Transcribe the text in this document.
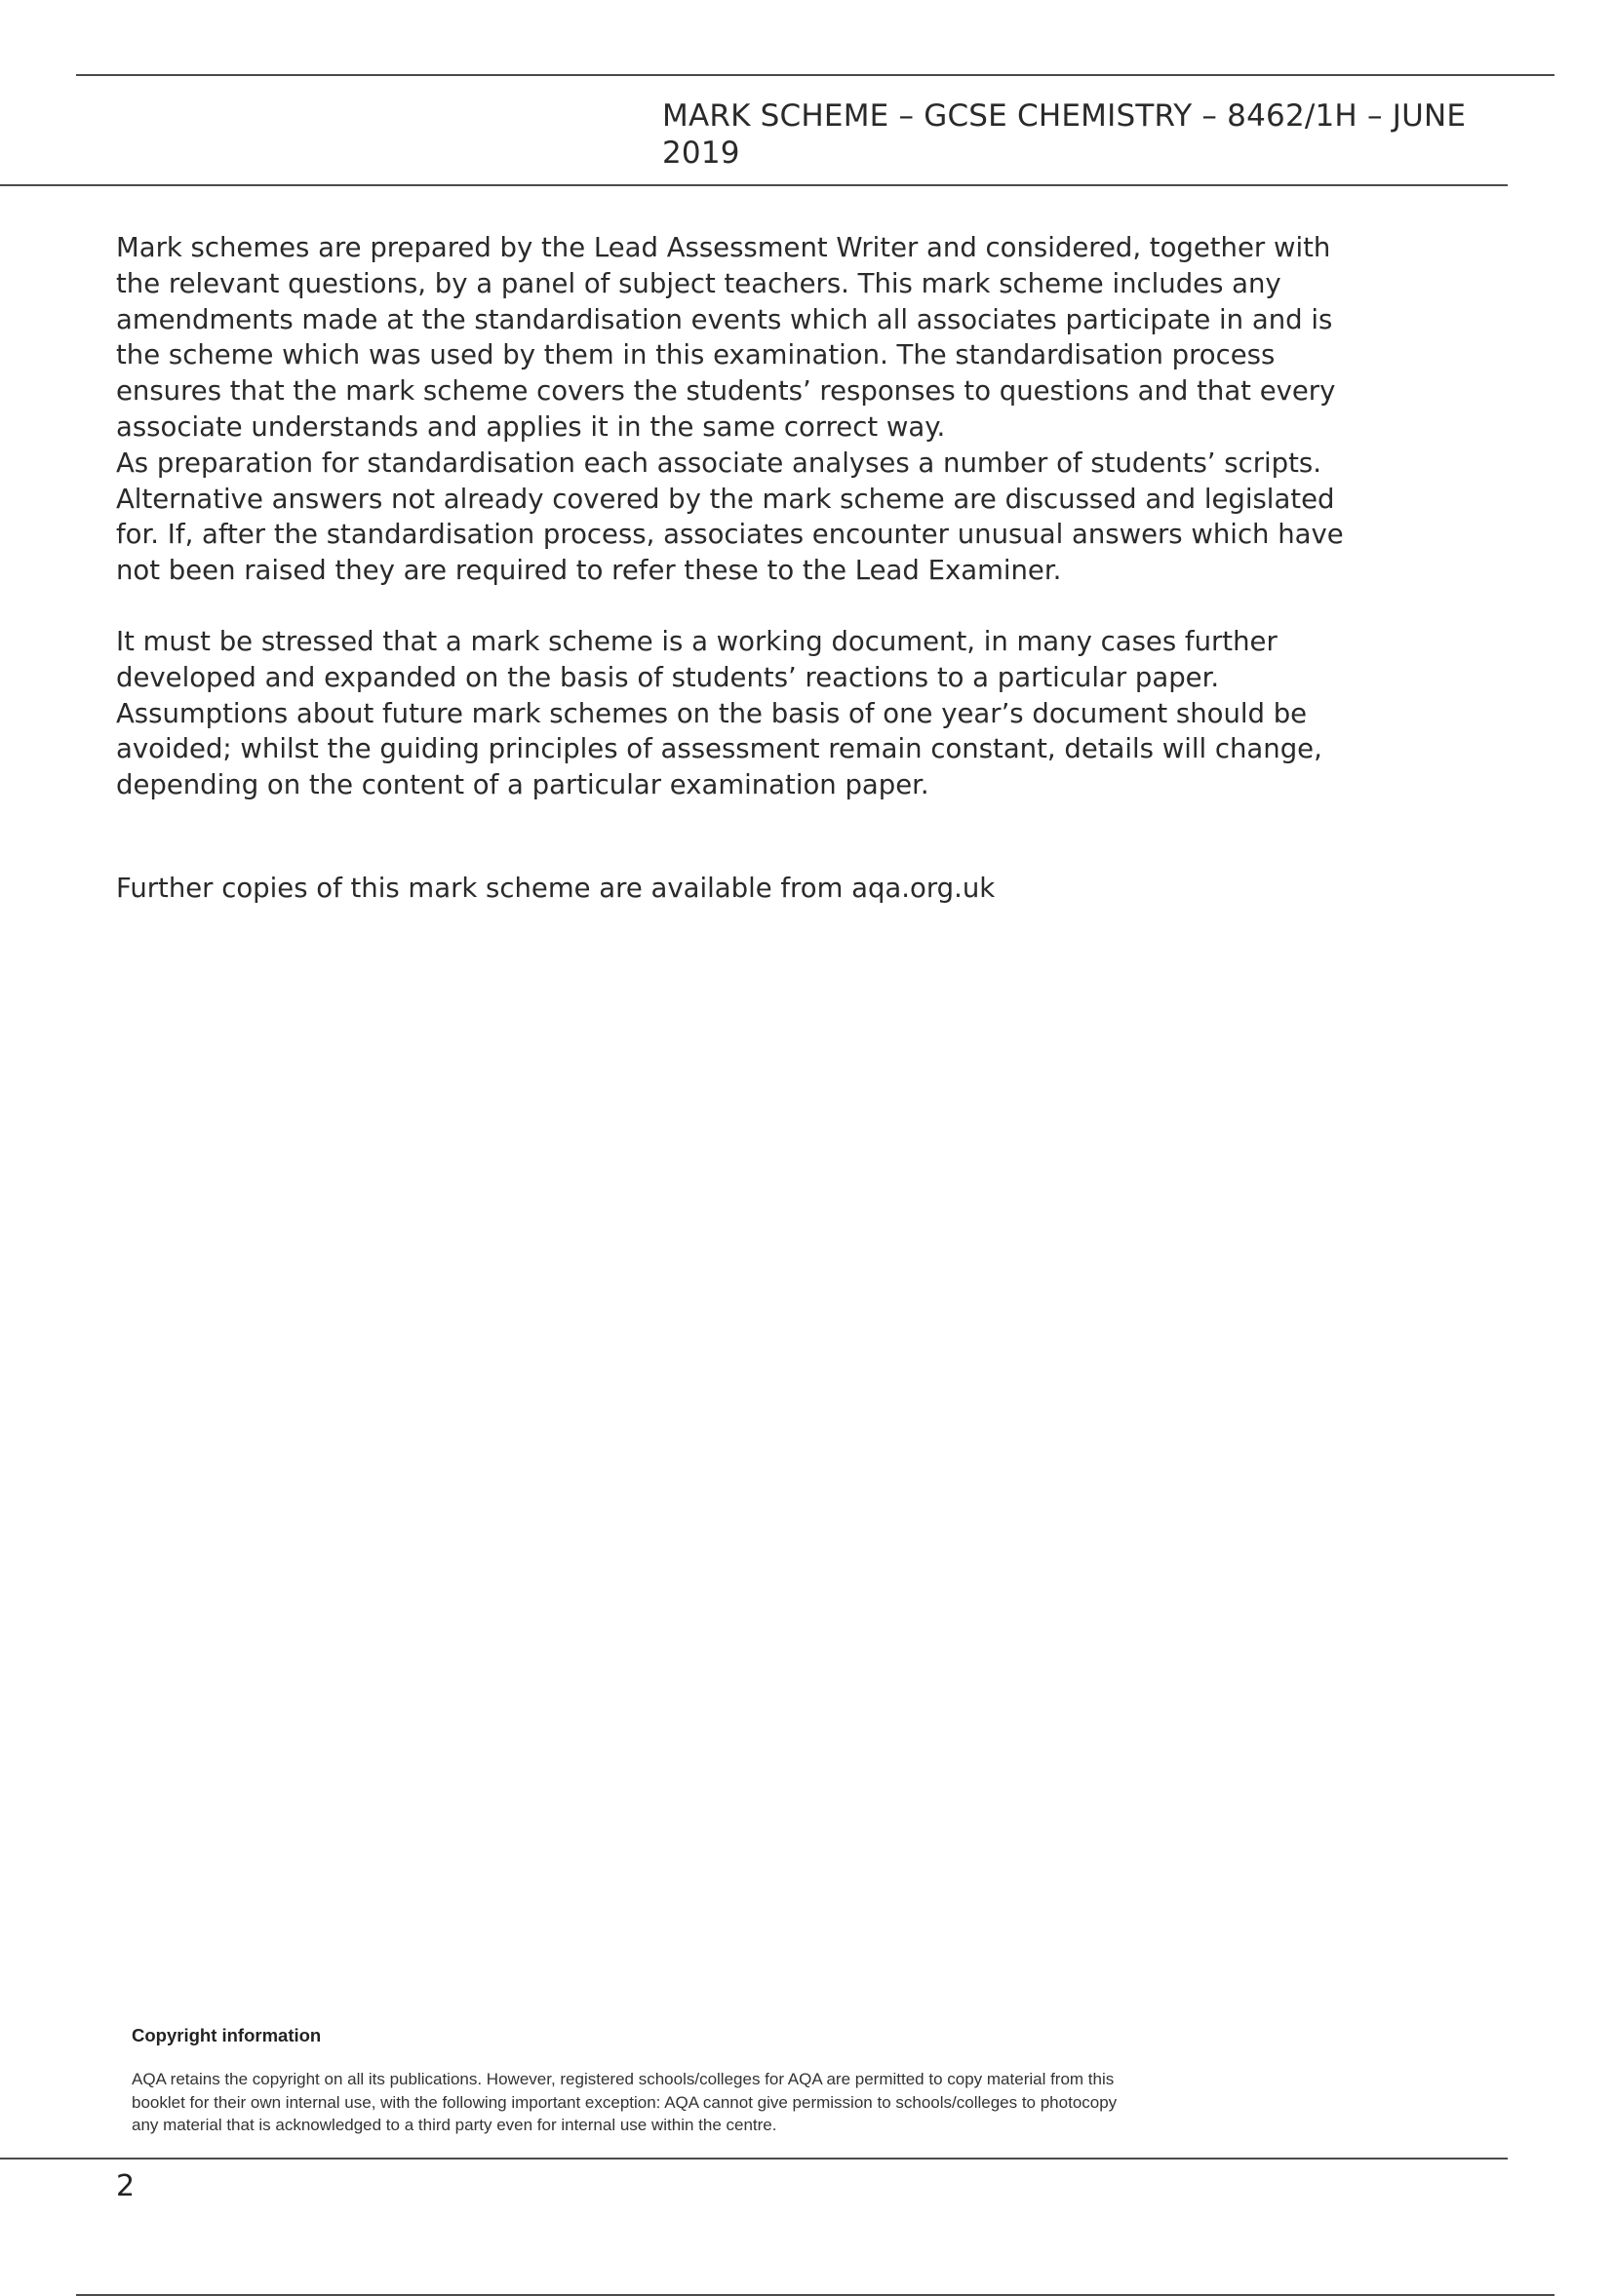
MARK SCHEME – GCSE CHEMISTRY – 8462/1H – JUNE 2019
Mark schemes are prepared by the Lead Assessment Writer and considered, together with
the relevant questions, by a panel of subject teachers. This mark scheme includes any
amendments made at the standardisation events which all associates participate in and is
the scheme which was used by them in this examination. The standardisation process
ensures that the mark scheme covers the students’ responses to questions and that every
associate understands and applies it in the same correct way.
As preparation for standardisation each associate analyses a number of students’ scripts.
Alternative answers not already covered by the mark scheme are discussed and legislated
for. If, after the standardisation process, associates encounter unusual answers which have
not been raised they are required to refer these to the Lead Examiner.
It must be stressed that a mark scheme is a working document, in many cases further
developed and expanded on the basis of students’ reactions to a particular paper.
Assumptions about future mark schemes on the basis of one year’s document should be
avoided; whilst the guiding principles of assessment remain constant, details will change,
depending on the content of a particular examination paper.
Further copies of this mark scheme are available from aqa.org.uk
Copyright information
AQA retains the copyright on all its publications. However, registered schools/colleges for AQA are permitted to copy material from this
booklet for their own internal use, with the following important exception: AQA cannot give permission to schools/colleges to photocopy
any material that is acknowledged to a third party even for internal use within the centre.
2
